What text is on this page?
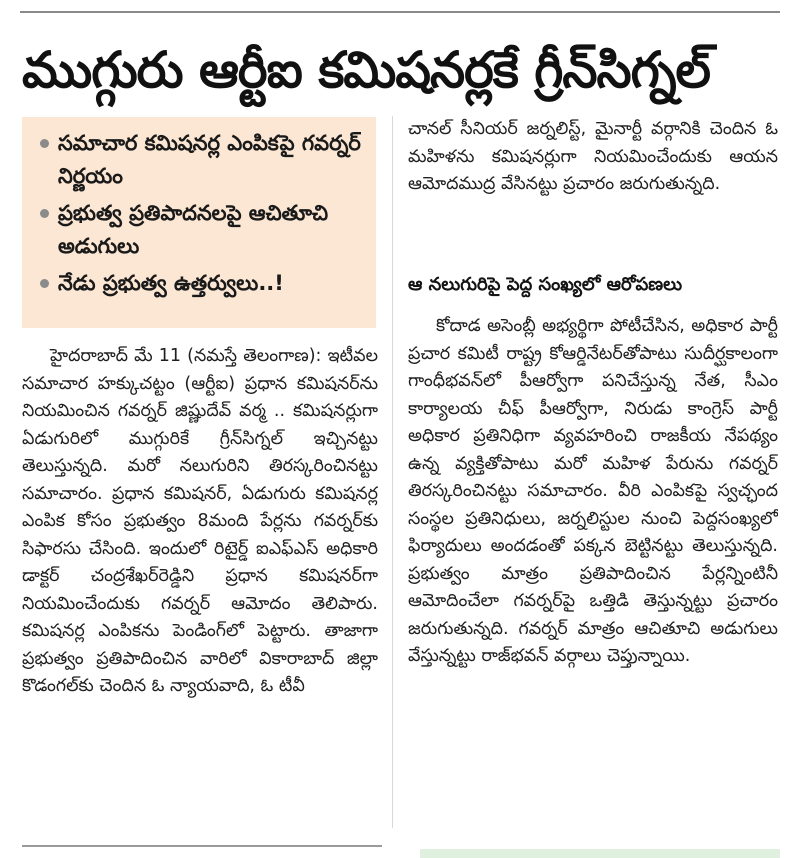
ముగ్గురు ఆర్టీఐ కమిషనర్లకే గ్రీన్‌సిగ్నల్‌
సమాచార కమిషనర్ల ఎంపికపై గవర్నర్‌ నిర్ణయం
ప్రభుత్వ ప్రతిపాదనలపై ఆచితూచి అడుగులు
నేడు ప్రభుత్వ ఉత్తర్వులు..!

హైదరాబాద్‌ మే 11 (నమస్తే తెలంగాణ): ఇటీవల సమాచార హక్కుచట్టం (ఆర్టీఐ) ప్రధాన కమిషనర్‌ను నియమించిన గవర్నర్‌ జిష్ణుదేవ్‌ వర్మ .. కమిషనర్లుగా ఏడుగురిలో ముగ్గురికే గ్రీన్‌సిగ్నల్‌ ఇచ్చినట్టు తెలుస్తున్నది. మరో నలుగురిని తిరస్కరించినట్టు సమాచారం. ప్రధాన కమిషనర్‌, ఏడుగురు కమిషనర్ల ఎంపిక కోసం ప్రభుత్వం 8మంది పేర్లను గవర్నర్‌కు సిఫారసు చేసింది. ఇందులో రిటైర్డ్‌ ఐఎఫ్‌ఎస్‌ అధికారి డాక్టర్‌ చంద్రశేఖర్‌రెడ్డిని ప్రధాన కమిషనర్‌గా నియమించేందుకు గవర్నర్‌ ఆమోదం తెలిపారు. కమిషనర్ల ఎంపికను పెండింగ్‌లో పెట్టారు. తాజాగా ప్రభుత్వం ప్రతిపాదించిన వారిలో వికారాబాద్‌ జిల్లా కొడంగల్‌కు చెందిన ఓ న్యాయవాది, ఓ టీవీ

చానల్‌ సీనియర్‌ జర్నలిస్ట్‌, మైనార్టీ వర్గానికి చెందిన ఓ మహిళను కమిషనర్లుగా నియమించేందుకు ఆయన ఆమోదముద్ర వేసినట్టు ప్రచారం జరుగుతున్నది.

ఆ నలుగురిపై పెద్ద సంఖ్యలో ఆరోపణలు

కోదాడ అసెంబ్లీ అభ్యర్థిగా పోటీచేసిన, అధికార పార్టీ ప్రచార కమిటీ రాష్ట్ర కోఆర్డినేటర్‌తోపాటు సుదీర్ఘకాలంగా గాంధీభవన్‌లో పీఆర్వోగా పనిచేస్తున్న నేత, సీఎం కార్యాలయ చీఫ్‌ పీఆర్వోగా, నిరుడు కాంగ్రెస్‌ పార్టీ అధికార ప్రతినిధిగా వ్యవహరించి రాజకీయ నేపథ్యం ఉన్న వ్యక్తితోపాటు మరో మహిళ పేరును గవర్నర్‌ తిరస్కరించినట్టు సమాచారం. వీరి ఎంపికపై స్వచ్ఛంద సంస్థల ప్రతినిధులు, జర్నలిస్టుల నుంచి పెద్దసంఖ్యలో ఫిర్యాదులు అందడంతో పక్కన బెట్టినట్టు తెలుస్తున్నది. ప్రభుత్వం మాత్రం ప్రతిపాదించిన పేర్లన్నింటినీ ఆమోదించేలా గవర్నర్‌పై ఒత్తిడి తెస్తున్నట్టు ప్రచారం జరుగుతున్నది. గవర్నర్‌ మాత్రం ఆచితూచి అడుగులు వేస్తున్నట్టు రాజ్‌భవన్‌ వర్గాలు చెప్తున్నాయి.
